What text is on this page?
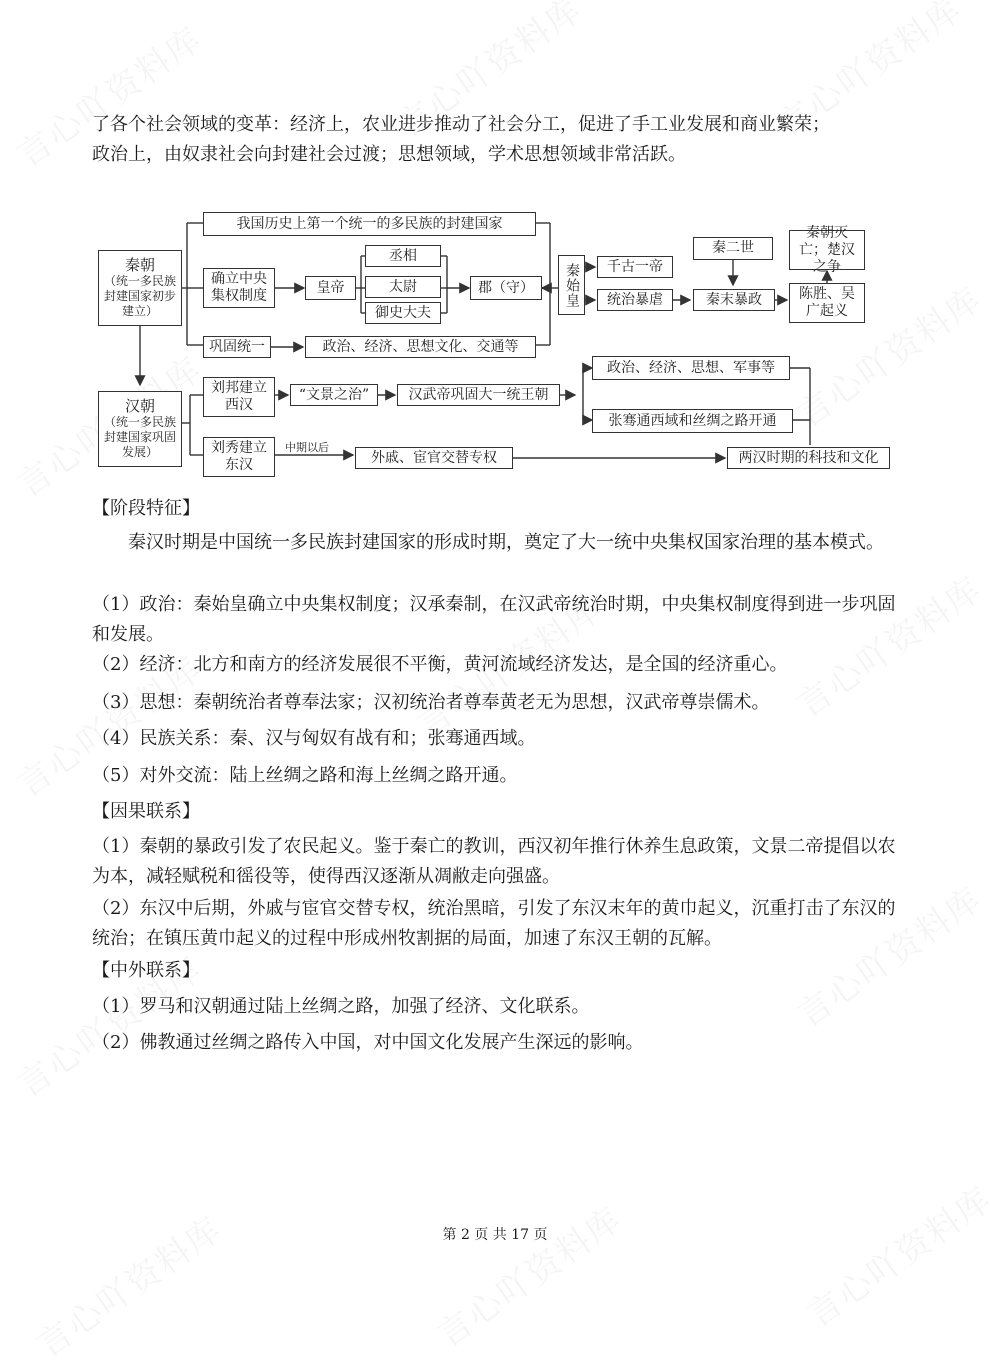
了各个社会领域的变革：经济上，农业进步推动了社会分工，促进了手工业发展和商业繁荣；

政治上，由奴隶社会向封建社会过渡；思想领域，学术思想领域非常活跃。

秦朝
（统一多民族封建国家初步建立）
我国历史上第一个统一的多民族的封建国家
确立中央集权制度
皇帝
丞相
太尉
御史大夫
郡（守）	秦始皇	千古一帝
统治暴虐
秦二世
秦末暴政	陈胜、吴广起义
秦朝灭亡；楚汉之争
巩固统一	政治、经济、思想文化、交通等
汉朝
（统一多民族封建国家巩固发展）
刘邦建立西汉
“文景之治”	汉武帝巩固大一统王朝
政治、经济、思想、军事等
张骞通西域和丝绸之路开通
刘秀建立东汉
中期以后
外戚、宦官交替专权	两汉时期的科技和文化

【阶段特征】

秦汉时期是中国统一多民族封建国家的形成时期，奠定了大一统中央集权国家治理的基本模式。

（1）政治：秦始皇确立中央集权制度；汉承秦制，在汉武帝统治时期，中央集权制度得到进一步巩固和发展。

（2）经济：北方和南方的经济发展很不平衡，黄河流域经济发达，是全国的经济重心。

（3）思想：秦朝统治者尊奉法家；汉初统治者尊奉黄老无为思想，汉武帝尊崇儒术。

（4）民族关系：秦、汉与匈奴有战有和；张骞通西域。

（5）对外交流：陆上丝绸之路和海上丝绸之路开通。

【因果联系】

（1）秦朝的暴政引发了农民起义。鉴于秦亡的教训，西汉初年推行休养生息政策，文景二帝提倡以农为本，减轻赋税和徭役等，使得西汉逐渐从凋敝走向强盛。

（2）东汉中后期，外戚与宦官交替专权，统治黑暗，引发了东汉末年的黄巾起义，沉重打击了东汉的统治；在镇压黄巾起义的过程中形成州牧割据的局面，加速了东汉王朝的瓦解。

【中外联系】

（1）罗马和汉朝通过陆上丝绸之路，加强了经济、文化联系。

（2）佛教通过丝绸之路传入中国，对中国文化发展产生深远的影响。

第 2 页 共 17 页
